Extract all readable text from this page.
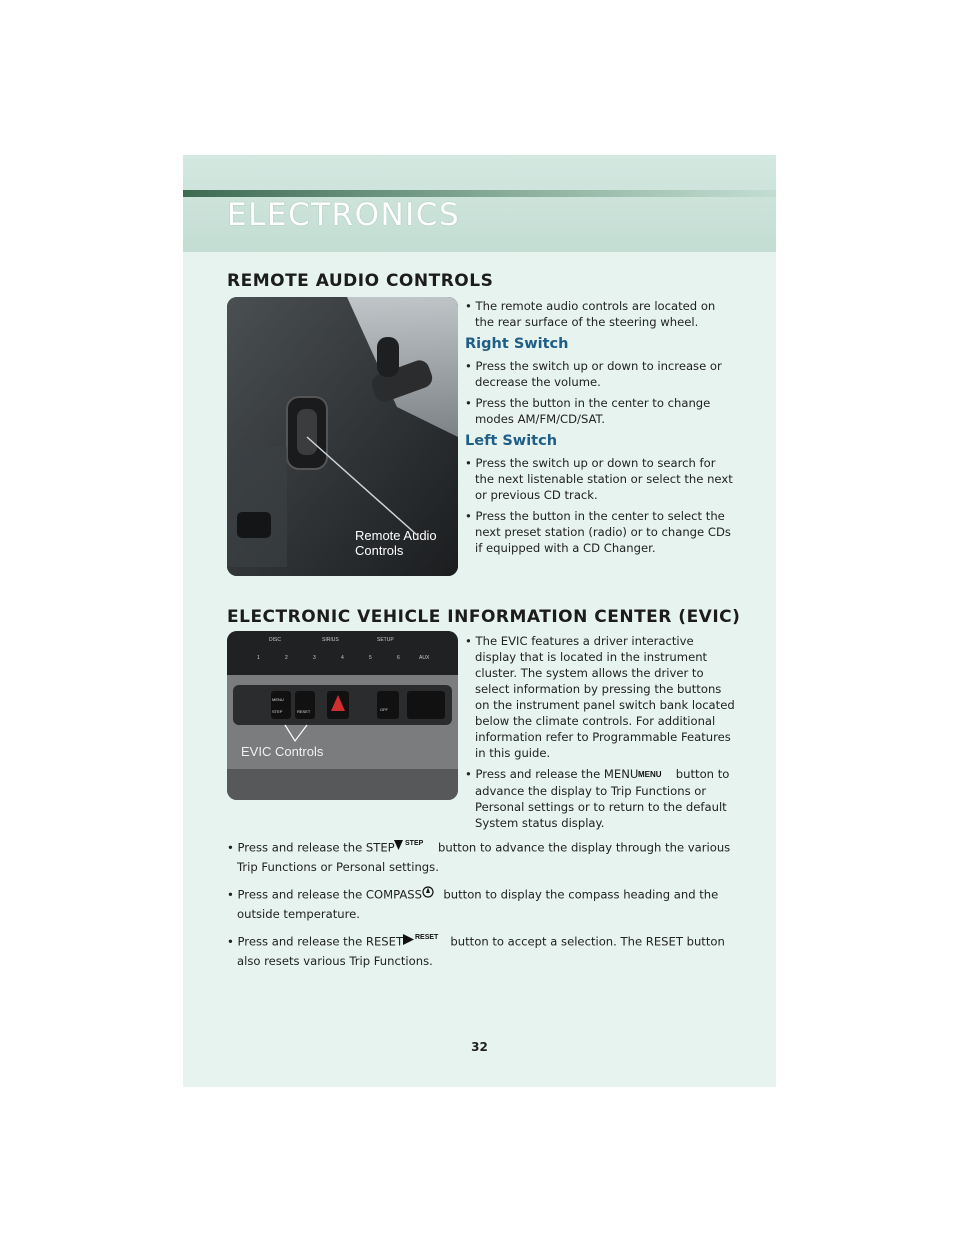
ELECTRONICS
REMOTE AUDIO CONTROLS
Remote Audio
Controls

• The remote audio controls are located on the rear surface of the steering wheel.

Right Switch

• Press the switch up or down to increase or decrease the volume.

• Press the button in the center to change modes AM/FM/CD/SAT.

Left Switch

• Press the switch up or down to search for the next listenable station or select the next or previous CD track.

• Press the button in the center to select the next preset station (radio) or to change CDs if equipped with a CD Changer.

ELECTRONIC VEHICLE INFORMATION CENTER (EVIC)
DISC	SIRIUS	SETUP
1	2	3	4	5	6	AUX
MENU
STEP	RESET	OFF
EVIC Controls

• The EVIC features a driver interactive display that is located in the instrument cluster. The system allows the driver to select information by pressing the buttons on the instrument panel switch bank located below the climate controls. For additional information refer to Programmable Features in this guide.

• Press and release the MENU MENU button to advance the display to Trip Functions or Personal settings or to return to the default System status display.

• Press and release the STEP STEP button to advance the display through the various Trip Functions or Personal settings.

• Press and release the COMPASS button to display the compass heading and the outside temperature.

• Press and release the RESET RESET button to accept a selection. The RESET button also resets various Trip Functions.

32
